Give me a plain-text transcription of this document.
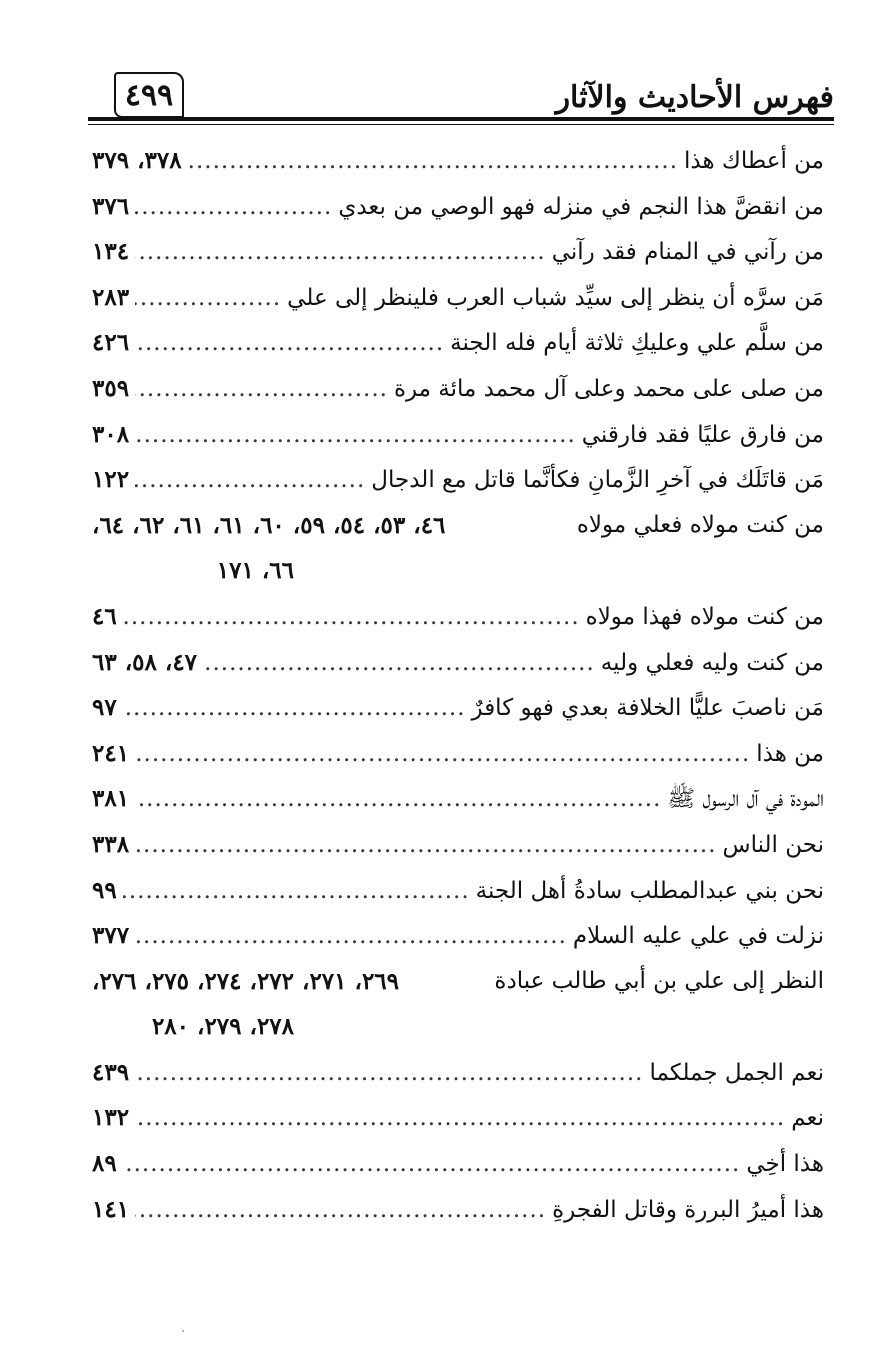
٤٩٩	فهرس الأحاديث والآثار
من أعطاك هذا
.....
٣٧٨، ٣٧٩
من انقضَّ هذا النجم في منزله فهو الوصي من بعدي
.....
٣٧٦
من رآني في المنام فقد رآني
.....
١٣٤
مَن سرَّه أن ينظر إلى سيِّد شباب العرب فلينظر إلى علي
.....
٢٨٣
من سلَّم علي وعليكِ ثلاثة أيام فله الجنة
.....
٤٢٦
من صلى على محمد وعلى آل محمد مائة مرة
.....
٣٥٩
من فارق عليًا فقد فارقني
.....
٣٠٨
مَن قاتَلَك في آخرِ الزَّمانِ فكأنَّما قاتل مع الدجال
.....
١٢٢
من كنت مولاه فعلي مولاه
٤٦، ٥٣، ٥٤، ٥٩، ٦٠، ٦١، ٦١، ٦٢، ٦٤،
٦٦، ١٧١
من كنت مولاه فهذا مولاه
.....
٤٦
من كنت وليه فعلي وليه
.....
٤٧، ٥٨، ٦٣
مَن ناصبَ عليًّا الخلافة بعدي فهو كافرٌ
.....
٩٧
من هذا
.....
٢٤١
المودة في آل الرسول ﷺ
.....
٣٨١
نحن الناس
.....
٣٣٨
نحن بني عبدالمطلب سادةُ أهل الجنة
.....
٩٩
نزلت في علي عليه السلام
.....
٣٧٧
النظر إلى علي بن أبي طالب عبادة
٢٦٩، ٢٧١، ٢٧٢، ٢٧٤، ٢٧٥، ٢٧٦،
٢٧٨، ٢٧٩، ٢٨٠
نعم الجمل جملكما
.....
٤٣٩
نعم
.....
١٣٢
هذا أخِي
.....
٨٩
هذا أميرُ البررة وقاتل الفجرةِ
.....
١٤١
